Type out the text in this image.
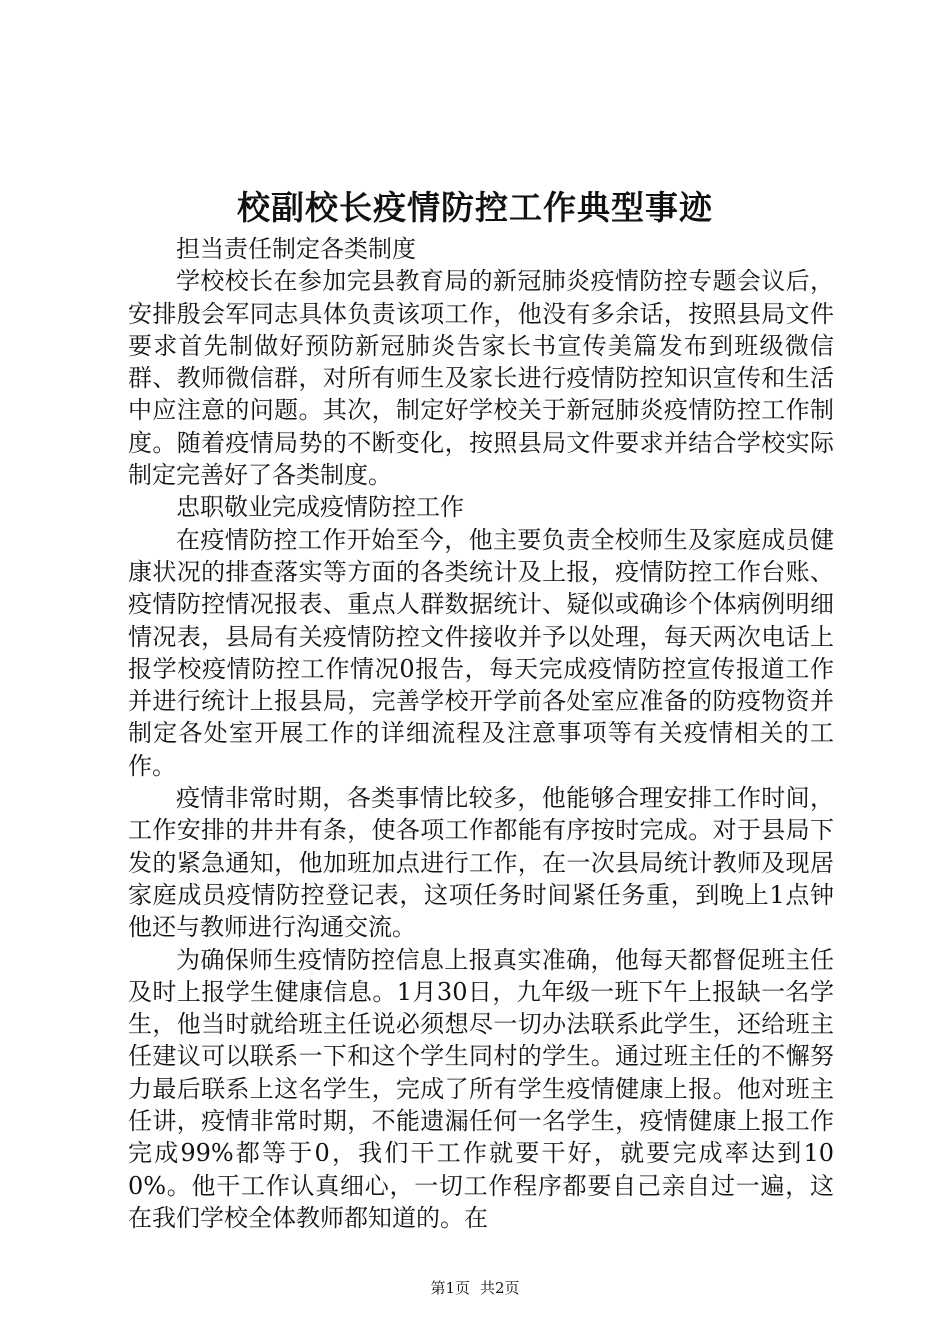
校副校长疫情防控工作典型事迹

担当责任制定各类制度

学校校长在参加完县教育局的新冠肺炎疫情防控专题会议后，安排殷会军同志具体负责该项工作，他没有多余话，按照县局文件要求首先制做好预防新冠肺炎告家长书宣传美篇发布到班级微信群、教师微信群，对所有师生及家长进行疫情防控知识宣传和生活中应注意的问题。其次，制定好学校关于新冠肺炎疫情防控工作制度。随着疫情局势的不断变化，按照县局文件要求并结合学校实际制定完善好了各类制度。

忠职敬业完成疫情防控工作

在疫情防控工作开始至今，他主要负责全校师生及家庭成员健康状况的排查落实等方面的各类统计及上报，疫情防控工作台账、疫情防控情况报表、重点人群数据统计、疑似或确诊个体病例明细情况表，县局有关疫情防控文件接收并予以处理，每天两次电话上报学校疫情防控工作情况0报告，每天完成疫情防控宣传报道工作并进行统计上报县局，完善学校开学前各处室应准备的防疫物资并制定各处室开展工作的详细流程及注意事项等有关疫情相关的工作。

疫情非常时期，各类事情比较多，他能够合理安排工作时间，工作安排的井井有条，使各项工作都能有序按时完成。对于县局下发的紧急通知，他加班加点进行工作，在一次县局统计教师及现居家庭成员疫情防控登记表，这项任务时间紧任务重，到晚上1点钟他还与教师进行沟通交流。

为确保师生疫情防控信息上报真实准确，他每天都督促班主任及时上报学生健康信息。1月30日，九年级一班下午上报缺一名学生，他当时就给班主任说必须想尽一切办法联系此学生，还给班主任建议可以联系一下和这个学生同村的学生。通过班主任的不懈努力最后联系上这名学生，完成了所有学生疫情健康上报。他对班主任讲，疫情非常时期，不能遗漏任何一名学生，疫情健康上报工作完成99%都等于0，我们干工作就要干好，就要完成率达到100%。他干工作认真细心，一切工作程序都要自己亲自过一遍，这在我们学校全体教师都知道的。在

第1页 共2页
